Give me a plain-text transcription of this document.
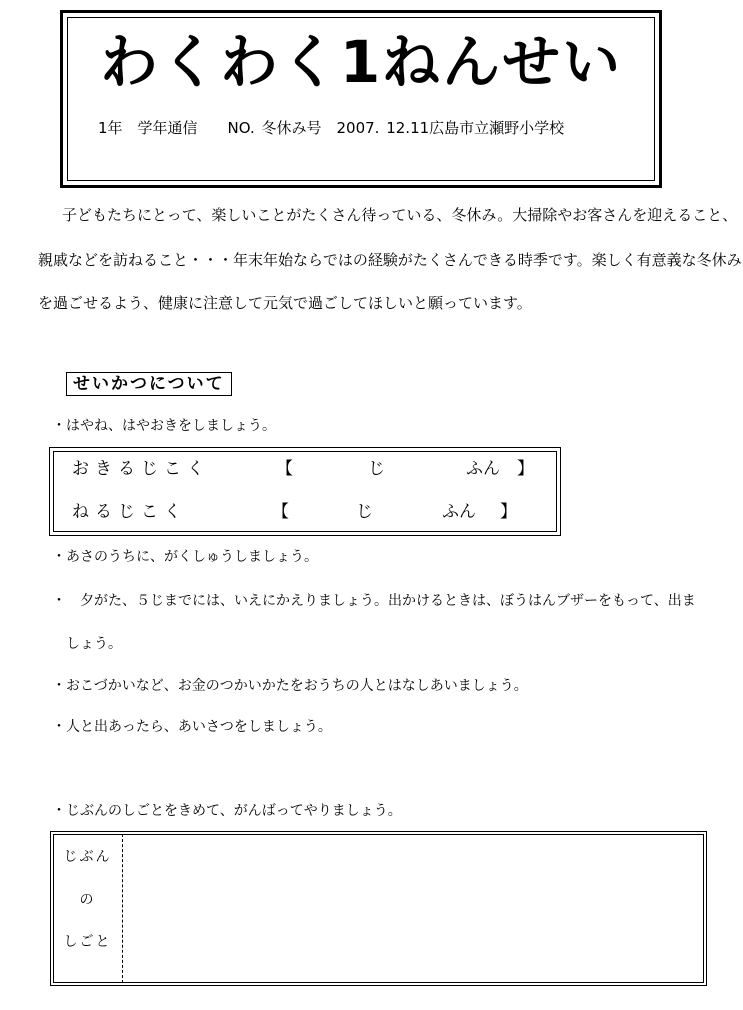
わくわく1ねんせい
1年　学年通信　　NO. 冬休み号　2007. 12.11広島市立瀬野小学校
子どもたちにとって、楽しいことがたくさん待っている、冬休み。大掃除やお客さんを迎えること、
親戚などを訪ねること・・・年末年始ならではの経験がたくさんできる時季です。楽しく有意義な冬休み
を過ごせるよう、健康に注意して元気で過ごしてほしいと願っています。
せいかつについて
・はやね、はやおきをしましょう。
おきるじこく	【	じ	ふん 】
ねるじこく	【	じ	ふん 】
・あさのうちに、がくしゅうしましょう。
・　夕がた、５じまでには、いえにかえりましょう。出かけるときは、ぼうはんブザーをもって、出ま
しょう。
・おこづかいなど、お金のつかいかたをおうちの人とはなしあいましょう。
・人と出あったら、あいさつをしましょう。
・じぶんのしごとをきめて、がんばってやりましょう。
じぶん
の
しごと
